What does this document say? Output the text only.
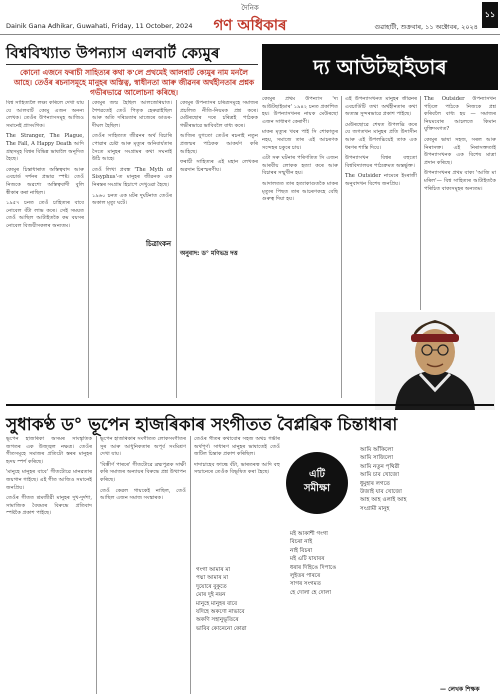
Dainik Gana Adhikar, Guwahati, Friday, 11 October, 2024
দৈনিক
গণ অধিকাৰ	গুৱাহাটী, শুক্ৰবাৰ, ১১ অক্টোবৰ, ২০২৪
১১
বিশ্ববিখ্যাত উপন্যাস এলবাৰ্ট ক্যেমুৰ
কোনো এজনে ফৰাচী সাহিত্যৰ কথা ক'লে প্ৰথমেই আলবাৰ্ট ক্যেমুৰ নাম মনলৈ আহে। তেওঁৰ ৰচনাসমূহে মানুহৰ অস্তিত্ব, স্বাধীনতা আৰু জীৱনৰ অৰ্থহীনতাৰ প্ৰশ্নক গভীৰভাৱে আলোচনা কৰিছে।

বিশ্ব সাহিত্যলৈ লক্ষ্য কৰিলে দেখা যায় যে আলবাৰ্ট ক্যেমু এজন অনন্য লেখক। তেওঁৰ উপন্যাসসমূহ আজিও সমানেই প্ৰাসংগিক।

The Stranger, The Plague, The Fall, A Happy Death আদি গ্ৰন্থসমূহ বিশ্বৰ বিভিন্ন ভাষালৈ অনূদিত হৈছে।

ক্যেমুৰ চিন্তাধাৰাত অস্তিত্ববাদ আৰু এবচাৰ্ড দৰ্শনৰ প্ৰভাৱ স্পষ্ট। তেওঁ নিজকে অৱশ্যে অস্তিত্ববাদী বুলি স্বীকাৰ কৰা নাছিল।

১৯৫৭ চনত তেওঁ চাহিত্যৰ বাবে নোবেল বঁটা লাভ কৰে। সেই সময়ত তেওঁ আছিল আটাইতকৈ কম বয়সৰ নোবেল বিজয়ীসকলৰ অন্যতম।

ক্যেমুৰ জন্ম হৈছিল আলজেৰিয়াত। শৈশৱতেই তেওঁ পিতৃক হেৰুৱাইছিল আৰু অতি দৰিদ্ৰতাৰ মাজেৰে ডাঙৰ-দীঘল হৈছিল।

তেওঁৰ সাহিত্যত জীৱনৰ অৰ্থ বিচাৰি পোৱাৰ চেষ্টা আৰু মৃত্যুৰ অনিবাৰ্যতাৰ সৈতে মানুহৰ সংগ্ৰামৰ কথা সঘনাই উঠি আহে।

তেওঁ লিখা প্ৰবন্ধ 'The Myth of Sisyphus'-ত মানুহৰ জীৱনক এক নিৰন্তৰ সংগ্ৰাম হিচাপে দেখুওৱা হৈছে।

১৯৬০ চনত এক মটৰ দুৰ্ঘটনাত তেওঁৰ অকাল মৃত্যু ঘটে।

চিত্ৰাংকন

ক্যেমুৰ উপন্যাসৰ চৰিত্ৰসমূহে সমাজৰ প্ৰচলিত নীতি-নিয়মক প্ৰশ্ন কৰে। মেউৰছোৰ দৰে চৰিত্ৰই পাঠকক গভীৰভাৱে ভাবিবলৈ বাধ্য কৰে।

আজিৰ যুগতো তেওঁৰ ৰচনাই নতুন প্ৰজন্মৰ পাঠকক আকৰ্ষণ কৰি আহিছে।

ফৰাচী সাহিত্যৰ এই মহান লেখকৰ অৱদান চিৰস্মৰণীয়।

অনুবাদ: ড° মণিভদ্ৰ দত্ত
দ্য আউটছাইডাৰ

ক্যেমুৰ প্ৰথম উপন্যাস 'দ্য আউটছাইডাৰ' ১৯৪২ চনত প্ৰকাশিত হয়। উপন্যাসখনৰ নায়ক মেউৰছো এজন সাধাৰণ কেৰাণী।

মাকৰ মৃত্যুৰ খবৰ পাই সি শোকাতুৰ নহয়, সমাজে তাৰ এই আচৰণক সন্দেহৰ চকুৰে চায়।

এটা সৰু ঘটনাৰ পৰিণতিত সি এজন আৰবীয় লোকক হত্যা কৰে আৰু বিচাৰৰ সন্মুখীন হয়।

আদালতত তাৰ হত্যাকাণ্ডতকৈ মাকৰ মৃত্যুৰ পিছত তাৰ আচৰণকহে বেছি গুৰুত্ব দিয়া হয়।

এই উপন্যাসখনত মানুহৰ জীৱনৰ এবচাৰ্ডিটি তথা অৰ্থহীনতাৰ কথা অত্যন্ত সুন্দৰভাৱে প্ৰকাশ পাইছে।

মেউৰছোৱে শেষত উপলব্ধি কৰে যে জগতখন মানুহৰ প্ৰতি উদাসীন আৰু এই উপলব্ধিয়েই তাক এক ধৰণৰ শান্তি দিয়ে।

উপন্যাসখন বিশ্বৰ বহুতো বিশ্ববিদ্যালয়ৰ পাঠ্যক্ৰমত অন্তৰ্ভুক্ত।

The Outsider নামেৰে ইংৰাজী অনুবাদখন বিশেষ জনপ্ৰিয়।

The Outsider উপন্যাসখন পঢ়িলে পাঠকে নিজকে প্ৰশ্ন কৰিবলৈ বাধ্য হয় — সমাজৰ নিয়মবোৰ আচলতে কিমান যুক্তিসংগত?

ক্যেমুৰ ভাষা সহজ, সৰল আৰু নিৰাসক্ত। এই নিৰাসক্ততাই উপন্যাসখনক এক বিশেষ মাত্ৰা প্ৰদান কৰিছে।

উপন্যাসখনৰ প্ৰথম বাক্য 'আজি মা মৰিল'— বিশ্ব সাহিত্যৰ আটাইতকৈ পৰিচিত বাক্যসমূহৰ অন্যতম।

সুধাকণ্ঠ ড° ভূপেন হাজৰিকাৰ সংগীতত বৈপ্লৱিক চিন্তাধাৰা

ভূপেন হাজৰিকা অসমৰ সাংস্কৃতিক জগতৰ এক উজ্জ্বল নক্ষত্ৰ। তেওঁৰ গীতসমূহে সমাজৰ প্ৰতিটো স্তৰৰ মানুহৰ হৃদয় স্পৰ্শ কৰিছে।

'মানুহে মানুহৰ বাবে' গীতটোৱে মানৱতাৰ জয়গান গাইছে। এই গীত আজিও সমানেই জনপ্ৰিয়।

তেওঁৰ গীতত শ্ৰমজীৱী মানুহৰ দুখ-দুৰ্দশা, সামাজিক বৈষম্যৰ বিৰুদ্ধে প্ৰতিবাদ স্পষ্টকৈ প্ৰকাশ পাইছে।

ভূপেন হাজৰিকাৰ সংগীতত লোকসংগীতৰ সুৰ আৰু আধুনিকতাৰ অপূৰ্ব সংমিশ্ৰণ দেখা যায়।

'বিস্তীৰ্ণ পাৰৰে' গীতটোৱে ব্ৰহ্মপুত্ৰক সাক্ষী কৰি সমাজৰ অন্যায়ৰ বিৰুদ্ধে প্ৰশ্ন উত্থাপন কৰিছে।

তেওঁ কেৱল গায়কেই নাছিল, তেওঁ আছিল এজন সমাজ সংস্কাৰক।

তেওঁৰ গীতৰ কথাবোৰ সহজ অথচ গভীৰ অৰ্থপূৰ্ণ। সাধাৰণ মানুহৰ ভাষাতেই তেওঁ জটিল চিন্তাক প্ৰকাশ কৰিছিল।

দাদাচাহেব ফাল্কে বঁটা, ভাৰতৰত্ন আদি বহু সন্মানেৰে তেওঁক বিভূষিত কৰা হৈছে।

গংগা আমাৰ মা
পদ্মা আমাৰ মা
দুয়োৰে বুকুতে
মোৰ দুই নয়ন
মানুহে মানুহৰ বাবে
যদিহে অকণো নাভাবে
অকণি সহানুভূতিৰে
ভাবিব কোনেনো কোৱা
এটি
সমীক্ষা
আমি আঁকিলো
আমি সাজিলো
আমি নতুন পৃথিৱী
আমি চাব খোজো
ধুমুহাৰ লগতে
উজাই যাব খোজো
আহ আহ ওলাই আহ
সংগ্ৰামী মানুহ
মই আকাশী গংগা
বিচৰা নাই
নাই বিচৰা
মই এটি যাযাবৰ
ধৰাৰ দিহিঙে দিপাঙে
লুইতৰ পাৰৰে
সাগৰ সংগমত
হে দোলা হে দোলা
— লেখক শিক্ষক
